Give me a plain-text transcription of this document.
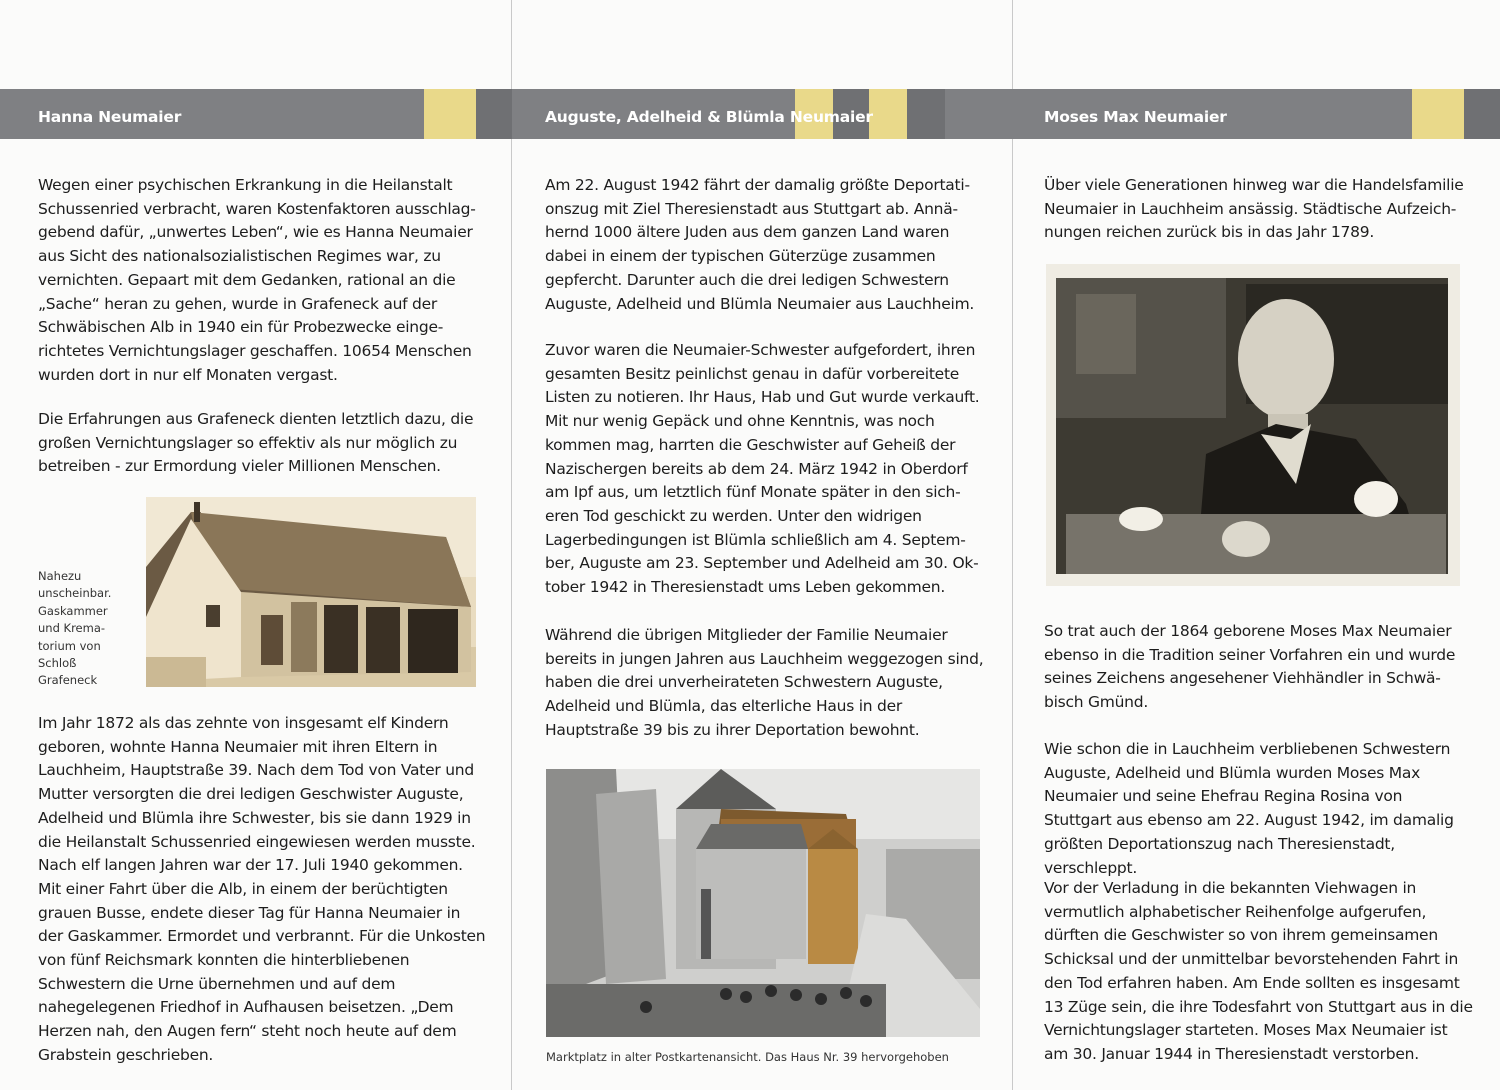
Hanna Neumaier	Auguste, Adelheid & Blümla Neumaier	Moses Max Neumaier

Wegen einer psychischen Erkrankung in die Heilanstalt Schussenried verbracht, waren Kostenfaktoren ausschlaggebend dafür, „unwertes Leben“, wie es Hanna Neumaier aus Sicht des nationalsozialistischen Regimes war, zu vernichten. Gepaart mit dem Gedanken, rational an die „Sache“ heran zu gehen, wurde in Grafeneck auf der Schwäbischen Alb in 1940 ein für Probezwecke eingerichtetes Vernichtungslager geschaffen. 10654 Menschen wurden dort in nur elf Monaten vergast.

Die Erfahrungen aus Grafeneck dienten letztlich dazu, die großen Vernichtungslager so effektiv als nur möglich zu betreiben - zur Ermordung vieler Millionen Menschen.

Nahezu unscheinbar. Gaskammer und Krematorium von Schloß Grafeneck

Im Jahr 1872 als das zehnte von insgesamt elf Kindern geboren, wohnte Hanna Neumaier mit ihren Eltern in Lauchheim, Hauptstraße 39. Nach dem Tod von Vater und Mutter versorgten die drei ledigen Geschwister Auguste, Adelheid und Blümla ihre Schwester, bis sie dann 1929 in die Heilanstalt Schussenried eingewiesen werden musste. Nach elf langen Jahren war der 17. Juli 1940 gekommen. Mit einer Fahrt über die Alb, in einem der berüchtigten grauen Busse, endete dieser Tag für Hanna Neumaier in der Gaskammer. Ermordet und verbrannt. Für die Unkosten von fünf Reichsmark konnten die hinterbliebenen Schwestern die Urne übernehmen und auf dem nahegelegenen Friedhof in Aufhausen beisetzen. „Dem Herzen nah, den Augen fern“ steht noch heute auf dem Grabstein geschrieben.

Am 22. August 1942 fährt der damalig größte Deportationszug mit Ziel Theresienstadt aus Stuttgart ab. Annähernd 1000 ältere Juden aus dem ganzen Land waren dabei in einem der typischen Güterzüge zusammen gepfercht. Darunter auch die drei ledigen Schwestern Auguste, Adelheid und Blümla Neumaier aus Lauchheim.

Zuvor waren die Neumaier-Schwester aufgefordert, ihren gesamten Besitz peinlichst genau in dafür vorbereitete Listen zu notieren. Ihr Haus, Hab und Gut wurde verkauft. Mit nur wenig Gepäck und ohne Kenntnis, was noch kommen mag, harrten die Geschwister auf Geheiß der Nazischergen bereits ab dem 24. März 1942 in Oberdorf am Ipf aus, um letztlich fünf Monate später in den sicheren Tod geschickt zu werden. Unter den widrigen Lagerbedingungen ist Blümla schließlich am 4. September, Auguste am 23. September und Adelheid am 30. Oktober 1942 in Theresienstadt ums Leben gekommen.

Während die übrigen Mitglieder der Familie Neumaier bereits in jungen Jahren aus Lauchheim weggezogen sind, haben die drei unverheirateten Schwestern Auguste, Adelheid und Blümla, das elterliche Haus in der Hauptstraße 39 bis zu ihrer Deportation bewohnt.

Marktplatz in alter Postkartenansicht. Das Haus Nr. 39 hervorgehoben

Über viele Generationen hinweg war die Handelsfamilie Neumaier in Lauchheim ansässig. Städtische Aufzeichnungen reichen zurück bis in das Jahr 1789.

So trat auch der 1864 geborene Moses Max Neumaier ebenso in die Tradition seiner Vorfahren ein und wurde seines Zeichens angesehener Viehhändler in Schwäbisch Gmünd.

Wie schon die in Lauchheim verbliebenen Schwestern Auguste, Adelheid und Blümla wurden Moses Max Neumaier und seine Ehefrau Regina Rosina von Stuttgart aus ebenso am 22. August 1942, im damalig größten Deportationszug nach Theresienstadt, verschleppt.

Vor der Verladung in die bekannten Viehwagen in vermutlich alphabetischer Reihenfolge aufgerufen, dürften die Geschwister so von ihrem gemeinsamen Schicksal und der unmittelbar bevorstehenden Fahrt in den Tod erfahren haben. Am Ende sollten es insgesamt 13 Züge sein, die ihre Todesfahrt von Stuttgart aus in die Vernichtungslager starteten. Moses Max Neumaier ist am 30. Januar 1944 in Theresienstadt verstorben.
